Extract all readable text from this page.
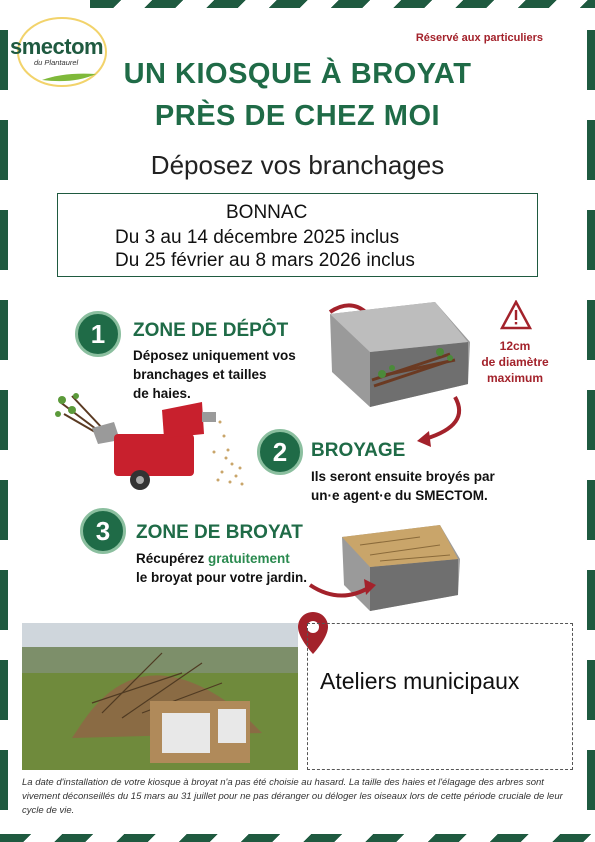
smectom
du Plantaurel
Réservé aux particuliers
UN KIOSQUE À BROYAT
PRÈS DE CHEZ MOI
Déposez vos branchages
BONNAC
Du 3 au 14 décembre 2025 inclus
Du 25 février au 8 mars 2026 inclus
1	ZONE DE DÉPÔT
Déposez uniquement vos
branchages et tailles
de haies.
12cm
de diamètre
maximum
2	BROYAGE
Ils seront ensuite broyés par
un·e agent·e du SMECTOM.
3	ZONE DE BROYAT
Récupérez gratuitement
le broyat pour votre jardin.
Ateliers municipaux
La date d'installation de votre kiosque à broyat n'a pas été choisie au hasard. La taille des haies et l'élagage des arbres sont vivement déconseillés du 15 mars au 31 juillet pour ne pas déranger ou déloger les oiseaux lors de cette période cruciale de leur cycle de vie.
